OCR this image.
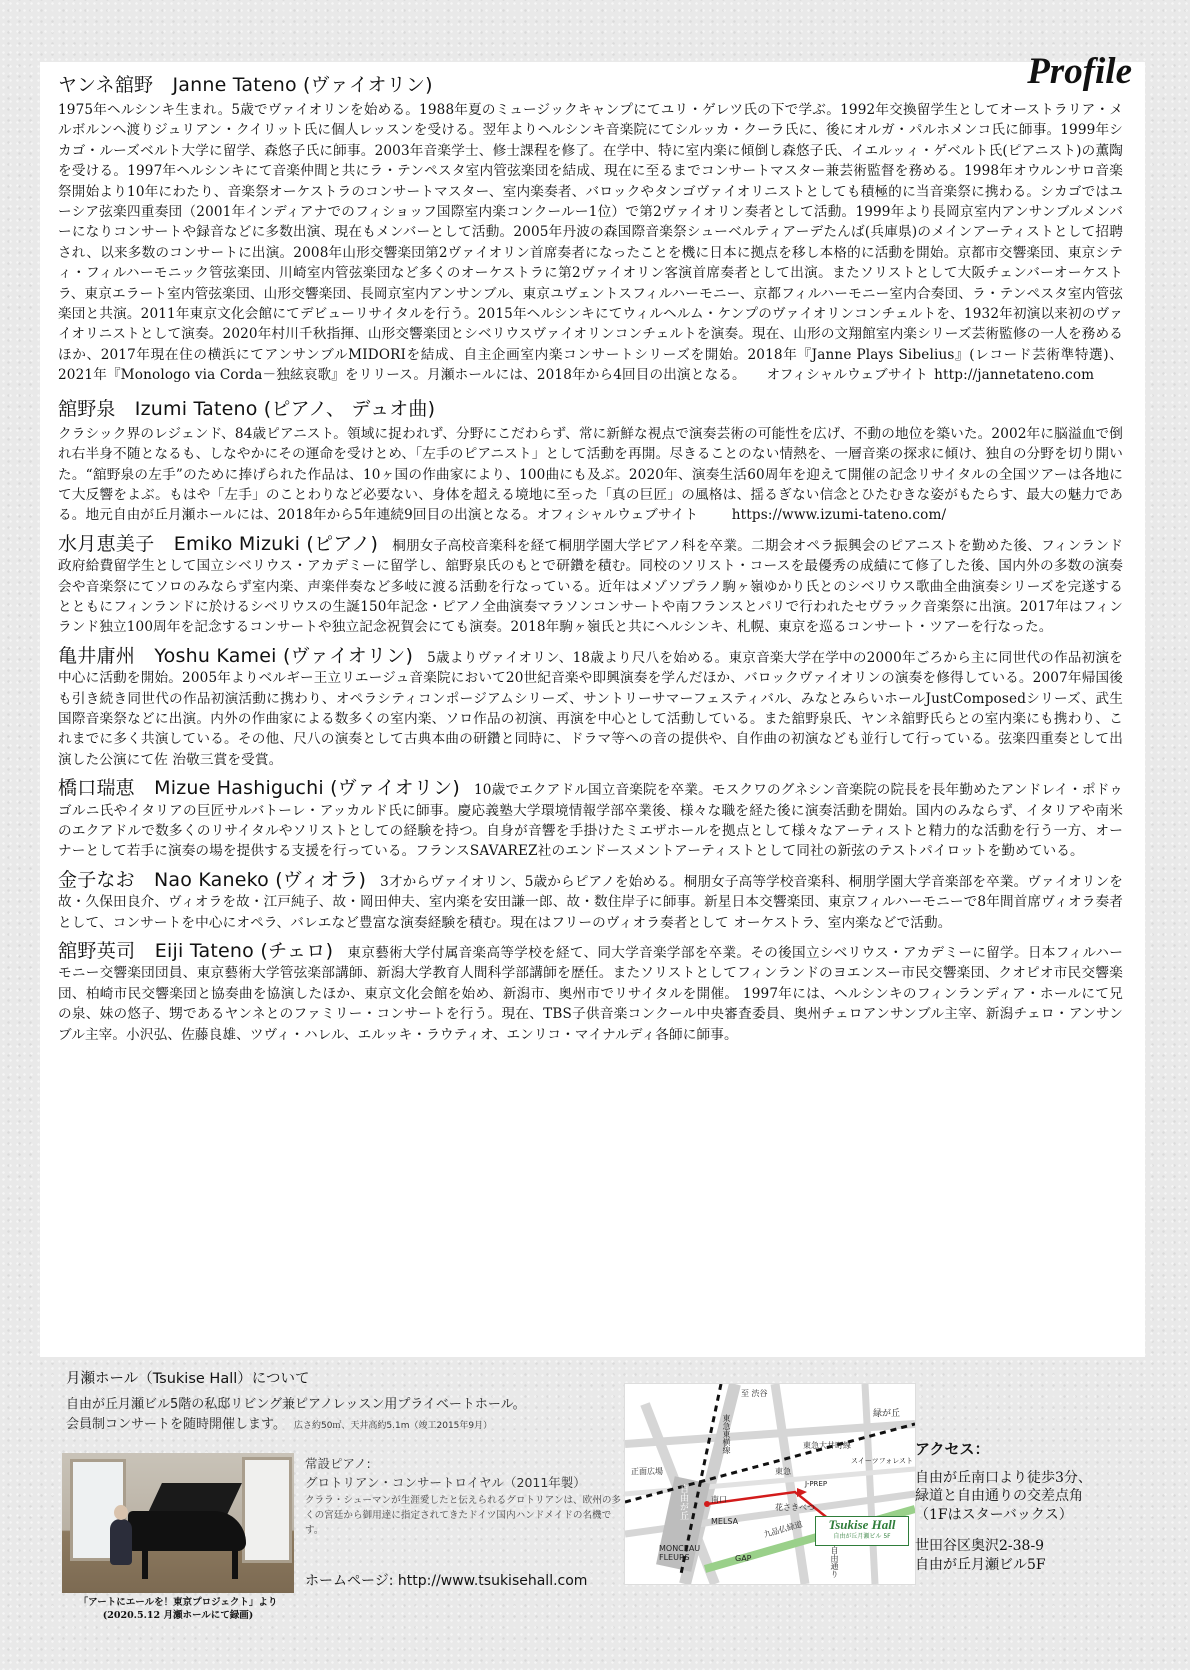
ヤンネ舘野　Janne Tateno (ヴァイオリン)
1975年ヘルシンキ生まれ。5歳でヴァイオリンを始める。1988年夏のミュージックキャンプにてユリ・ゲレツ氏の下で学ぶ。1992年交換留学生としてオーストラリア・メルボルンへ渡りジュリアン・クイリット氏に個人レッスンを受ける。翌年よりヘルシンキ音楽院にてシルッカ・クーラ氏に、後にオルガ・パルホメンコ氏に師事。1999年シカゴ・ルーズベルト大学に留学、森悠子氏に師事。2003年音楽学士、修士課程を修了。在学中、特に室内楽に傾倒し森悠子氏、イエルッィ・ゲベルト氏(ピアニスト)の薫陶を受ける。1997年ヘルシンキにて音楽仲間と共にラ・テンペスタ室内管弦楽団を結成、現在に至るまでコンサートマスター兼芸術監督を務める。1998年オウルンサロ音楽祭開始より10年にわたり、音楽祭オーケストラのコンサートマスター、室内楽奏者、バロックやタンゴヴァイオリニストとしても積極的に当音楽祭に携わる。シカゴではユーシア弦楽四重奏団（2001年インディアナでのフィショッフ国際室内楽コンクールー1位）で第2ヴァイオリン奏者として活動。1999年より長岡京室内アンサンブルメンバーになりコンサートや録音などに多数出演、現在もメンバーとして活動。2005年丹波の森国際音楽祭シューベルティアーデたんば(兵庫県)のメインアーティストとして招聘され、以来多数のコンサートに出演。2008年山形交響楽団第2ヴァイオリン首席奏者になったことを機に日本に拠点を移し本格的に活動を開始。京都市交響楽団、東京シティ・フィルハーモニック管弦楽団、川崎室内管弦楽団など多くのオーケストラに第2ヴァイオリン客演首席奏者として出演。またソリストとして大阪チェンバーオーケストラ、東京エラート室内管弦楽団、山形交響楽団、長岡京室内アンサンブル、東京ユヴェントスフィルハーモニー、京都フィルハーモニー室内合奏団、ラ・テンペスタ室内管弦楽団と共演。2011年東京文化会館にてデビューリサイタルを行う。2015年ヘルシンキにてウィルヘルム・ケンプのヴァイオリンコンチェルトを、1932年初演以来初のヴァイオリニストとして演奏。2020年村川千秋指揮、山形交響楽団とシベリウスヴァイオリンコンチェルトを演奏。現在、山形の文翔館室内楽シリーズ芸術監修の一人を務めるほか、2017年現在住の横浜にてアンサンブルMIDORIを結成、自主企画室内楽コンサートシリーズを開始。2018年『Janne Plays Sibelius』(レコード芸術準特選)、2021年『Monologo via Corda－独絃哀歌』をリリース。月瀬ホールには、2018年から4回目の出演となる。　　オフィシャルウェブサイト http://jannetateno.com
舘野泉　Izumi Tateno (ピアノ、 デュオ曲)
クラシック界のレジェンド、84歳ピアニスト。領域に捉われず、分野にこだわらず、常に新鮮な視点で演奏芸術の可能性を広げ、不動の地位を築いた。2002年に脳溢血で倒れ右半身不随となるも、しなやかにその運命を受けとめ、「左手のピアニスト」として活動を再開。尽きることのない情熱を、一層音楽の探求に傾け、独自の分野を切り開いた。“舘野泉の左手”のために捧げられた作品は、10ヶ国の作曲家により、100曲にも及ぶ。2020年、演奏生活60周年を迎えて開催の記念リサイタルの全国ツアーは各地にて大反響をよぶ。もはや「左手」のことわりなど必要ない、身体を超える境地に至った「真の巨匠」の風格は、揺るぎない信念とひたむきな姿がもたらす、最大の魅力である。地元自由が丘月瀬ホールには、2018年から5年連続9回目の出演となる。オフィシャルウェブサイト　　https://www.izumi-tateno.com/
水月恵美子　Emiko Mizuki (ピアノ) 桐朋女子高校音楽科を経て桐朋学園大学ピアノ科を卒業。二期会オペラ振興会のピアニストを勤めた後、フィンランド政府給費留学生として国立シベリウス・アカデミーに留学し、舘野泉氏のもとで研鑽を積む。同校のソリスト・コースを最優秀の成績にて修了した後、国内外の多数の演奏会や音楽祭にてソロのみならず室内楽、声楽伴奏など多岐に渡る活動を行なっている。近年はメゾソプラノ駒ヶ嶺ゆかり氏とのシベリウス歌曲全曲演奏シリーズを完遂するとともにフィンランドに於けるシベリウスの生誕150年記念・ピアノ全曲演奏マラソンコンサートや南フランスとパリで行われたセヴラック音楽祭に出演。2017年はフィンランド独立100周年を記念するコンサートや独立記念祝賀会にても演奏。2018年駒ヶ嶺氏と共にヘルシンキ、札幌、東京を巡るコンサート・ツアーを行なった。
亀井庸州　Yoshu Kamei (ヴァイオリン) 5歳よりヴァイオリン、18歳より尺八を始める。東京音楽大学在学中の2000年ごろから主に同世代の作品初演を中心に活動を開始。2005年よりベルギー王立リエージュ音楽院において20世紀音楽や即興演奏を学んだほか、バロックヴァイオリンの演奏を修得している。2007年帰国後も引き続き同世代の作品初演活動に携わり、オペラシティコンポージアムシリーズ、サントリーサマーフェスティバル、みなとみらいホールJustComposedシリーズ、武生国際音楽祭などに出演。内外の作曲家による数多くの室内楽、ソロ作品の初演、再演を中心として活動している。また舘野泉氏、ヤンネ舘野氏らとの室内楽にも携わり、これまでに多く共演している。その他、尺八の演奏として古典本曲の研鑽と同時に、ドラマ等への音の提供や、自作曲の初演なども並行して行っている。弦楽四重奏として出演した公演にて佐 治敬三賞を受賞。
橋口瑞恵　Mizue Hashiguchi (ヴァイオリン) 10歳でエクアドル国立音楽院を卒業。モスクワのグネシン音楽院の院長を長年勤めたアンドレイ・ポドゥゴルニ氏やイタリアの巨匠サルバトーレ・アッカルド氏に師事。慶応義塾大学環境情報学部卒業後、様々な職を経た後に演奏活動を開始。国内のみならず、イタリアや南米のエクアドルで数多くのリサイタルやソリストとしての経験を持つ。自身が音響を手掛けたミエザホールを拠点として様々なアーティストと精力的な活動を行う一方、オーナーとして若手に演奏の場を提供する支援を行っている。フランスSAVAREZ社のエンドースメントアーティストとして同社の新弦のテストパイロットを勤めている。
金子なお　Nao Kaneko (ヴィオラ) 3才からヴァイオリン、5歳からピアノを始める。桐朋女子高等学校音楽科、桐朋学園大学音楽部を卒業。ヴァイオリンを故・久保田良介、ヴィオラを故・江戸純子、故・岡田伸夫、室内楽を安田謙一郎、故・数住岸子に師事。新星日本交響楽団、東京フィルハーモニーで8年間首席ヴィオラ奏者として、コンサートを中心にオペラ、バレエなど豊富な演奏経験を積む。現在はフリーのヴィオラ奏者として オーケストラ、室内楽などで活動。
舘野英司　Eiji Tateno (チェロ) 東京藝術大学付属音楽高等学校を経て、同大学音楽学部を卒業。その後国立シベリウス・アカデミーに留学。日本フィルハーモニー交響楽団団員、東京藝術大学管弦楽部講師、新潟大学教育人間科学部講師を歴任。またソリストとしてフィンランドのヨエンスー市民交響楽団、クオピオ市民交響楽団、柏崎市民交響楽団と協奏曲を協演したほか、東京文化会館を始め、新潟市、奥州市でリサイタルを開催。 1997年には、ヘルシンキのフィンランディア・ホールにて兄の泉、妹の悠子、甥であるヤンネとのファミリー・コンサートを行う。現在、TBS子供音楽コンクール中央審査委員、奥州チェロアンサンブル主宰、新潟チェロ・アンサンブル主宰。小沢弘、佐藤良雄、ツヴィ・ハレル、エルッキ・ラウティオ、エンリコ・マイナルディ各師に師事。
Profile
月瀬ホール（Tsukise Hall）について
自由が丘月瀬ビル5階の私邸リビング兼ピアノレッスン用プライベートホール。
会員制コンサートを随時開催します。 広さ約50㎡、天井高約5.1m（竣工2015年9月）
「アートにエールを！東京プロジェクト」より
(2020.5.12 月瀬ホールにて録画)
常設ピアノ:
グロトリアン・コンサートロイヤル（2011年製）
クララ・シューマンが生涯愛したと伝えられるグロトリアンは、欧州の多くの宮廷から御用達に指定されてきたドイツ国内ハンドメイドの名機です。
ホームページ: http://www.tsukisehall.com
至 渋谷
緑が丘
東急東横線	東急大井町線
正面広場
南口
自由が丘
東急
スイーツフォレスト
J-PREP
花さきべつ
MELSA
MONCEAU FLEURS	GAP
九品仏緑道
自由通り
Tsukise Hall
自由が丘月瀬ビル 5F
アクセス：
自由が丘南口より徒歩3分、
緑道と自由通りの交差点角
（1Fはスターバックス）
世田谷区奥沢2-38-9
自由が丘月瀬ビル5F
